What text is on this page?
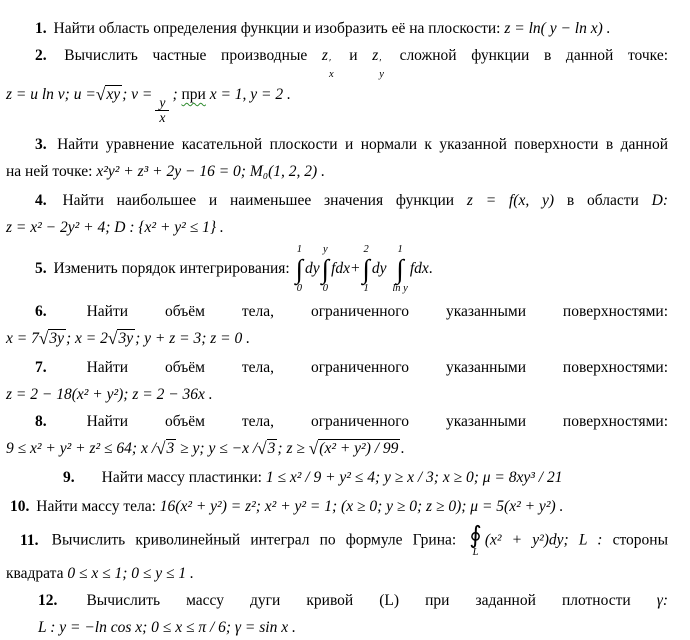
1. Найти область определения функции и изобразить её на плоскости: z = ln( y − ln x) .
2. Вычислить частные производные z ′
x
и z ′
y
сложной функции в данной точке:
z = u ln v; u =√xy ; v =
$\frac{y}{x}$
; при x = 1, y = 2 .
3. Найти уравнение касательной плоскости и нормали к указанной поверхности в данной
на ней точке: x²y² + z³ + 2y − 16 = 0; M₀(1, 2, 2) .
4. Найти наибольшее и наименьшее значения функции z = f(x, y) в области D:
z = x² − 2y² + 4; D : {x² + y² ≤ 1} .
5. Изменить порядок интегрирования:
1
∫
0
dy
y
∫
0
fdx+
2
∫
1
dy
1
∫
ln y
fdx.
6.	Найти объём тела, ограниченного указанными поверхностями:
x = 7√3y ; x = 2√3y ; y + z = 3; z = 0 .
7.	Найти объём тела, ограниченного указанными поверхностями:
z = 2 − 18(x² + y²); z = 2 − 36x .
8.	Найти объём тела, ограниченного указанными поверхностями:
9 ≤ x² + y² + z² ≤ 64; x /√3 ≥ y; y ≤ −x /√3 ; z ≥ √(x² + y²) / 99 .
9. Найти массу пластинки: 1 ≤ x² / 9 + y² ≤ 4; y ≥ x / 3; x ≥ 0; μ = 8xy³ / 21
10. Найти массу тела: 16(x² + y²) = z²; x² + y² = 1; (x ≥ 0; y ≥ 0; z ≥ 0); μ = 5(x² + y²) .
11. Вычислить криволинейный интеграл по формуле Грина: ∮
L
(x² + y²)dy; L : стороны
квадрата 0 ≤ x ≤ 1; 0 ≤ y ≤ 1 .
12. Вычислить массу дуги кривой (L) при заданной плотности γ:
L : y = −ln cos x; 0 ≤ x ≤ π / 6; γ = sin x .
